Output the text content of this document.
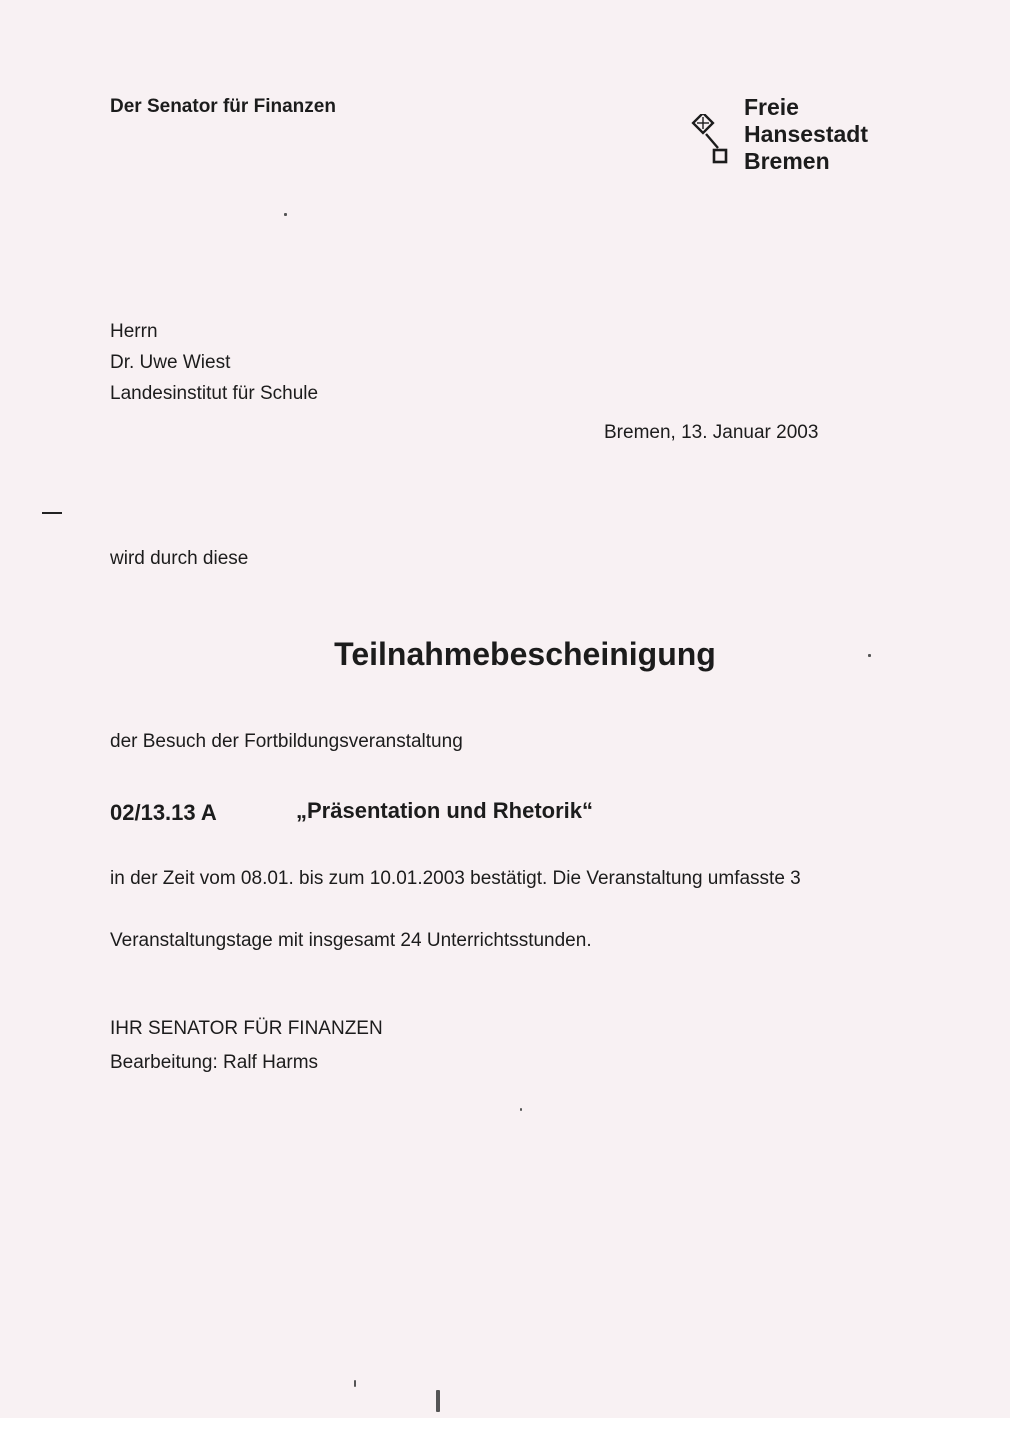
Der Senator für Finanzen	Freie
Hansestadt
Bremen
Herrn
Dr. Uwe Wiest
Landesinstitut für Schule
Bremen, 13. Januar 2003
wird durch diese
Teilnahmebescheinigung
der Besuch der Fortbildungsveranstaltung
02/13.13 A	„Präsentation und Rhetorik“
in der Zeit vom 08.01. bis zum 10.01.2003 bestätigt. Die Veranstaltung umfasste 3
Veranstaltungstage mit insgesamt 24 Unterrichtsstunden.
IHR SENATOR FÜR FINANZEN
Bearbeitung: Ralf Harms
